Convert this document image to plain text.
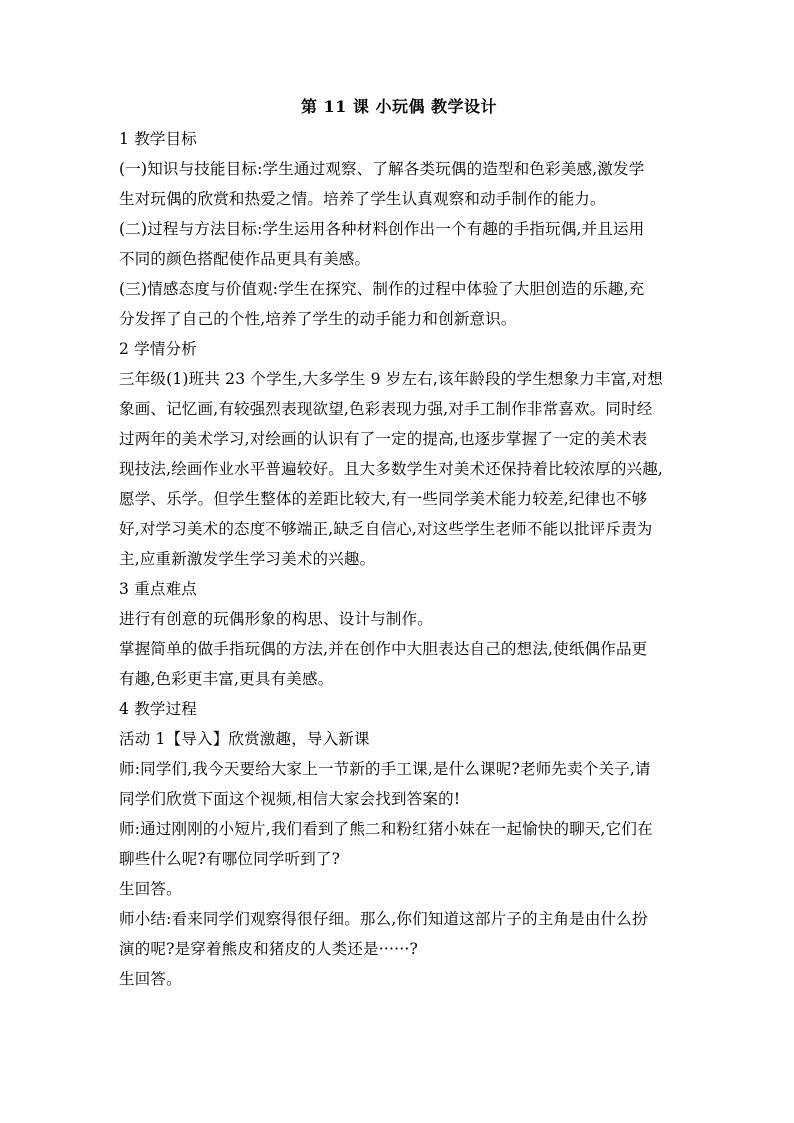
第 11 课 小玩偶 教学设计

1 教学目标

(一)知识与技能目标:学生通过观察、了解各类玩偶的造型和色彩美感,激发学

生对玩偶的欣赏和热爱之情。培养了学生认真观察和动手制作的能力。

(二)过程与方法目标:学生运用各种材料创作出一个有趣的手指玩偶,并且运用

不同的颜色搭配使作品更具有美感。

(三)情感态度与价值观:学生在探究、制作的过程中体验了大胆创造的乐趣,充

分发挥了自己的个性,培养了学生的动手能力和创新意识。

2 学情分析

三年级(1)班共 23 个学生,大多学生 9 岁左右,该年龄段的学生想象力丰富,对想

象画、记忆画,有较强烈表现欲望,色彩表现力强,对手工制作非常喜欢。同时经

过两年的美术学习,对绘画的认识有了一定的提高,也逐步掌握了一定的美术表

现技法,绘画作业水平普遍较好。且大多数学生对美术还保持着比较浓厚的兴趣,

愿学、乐学。但学生整体的差距比较大,有一些同学美术能力较差,纪律也不够

好,对学习美术的态度不够端正,缺乏自信心,对这些学生老师不能以批评斥责为

主,应重新激发学生学习美术的兴趣。

3 重点难点

进行有创意的玩偶形象的构思、设计与制作。

掌握简单的做手指玩偶的方法,并在创作中大胆表达自己的想法,使纸偶作品更

有趣,色彩更丰富,更具有美感。

4 教学过程

活动 1【导入】欣赏激趣，导入新课

师:同学们,我今天要给大家上一节新的手工课,是什么课呢?老师先卖个关子,请

同学们欣赏下面这个视频,相信大家会找到答案的!

师:通过刚刚的小短片,我们看到了熊二和粉红猪小妹在一起愉快的聊天,它们在

聊些什么呢?有哪位同学听到了?

生回答。

师小结:看来同学们观察得很仔细。那么,你们知道这部片子的主角是由什么扮

演的呢?是穿着熊皮和猪皮的人类还是······?

生回答。
